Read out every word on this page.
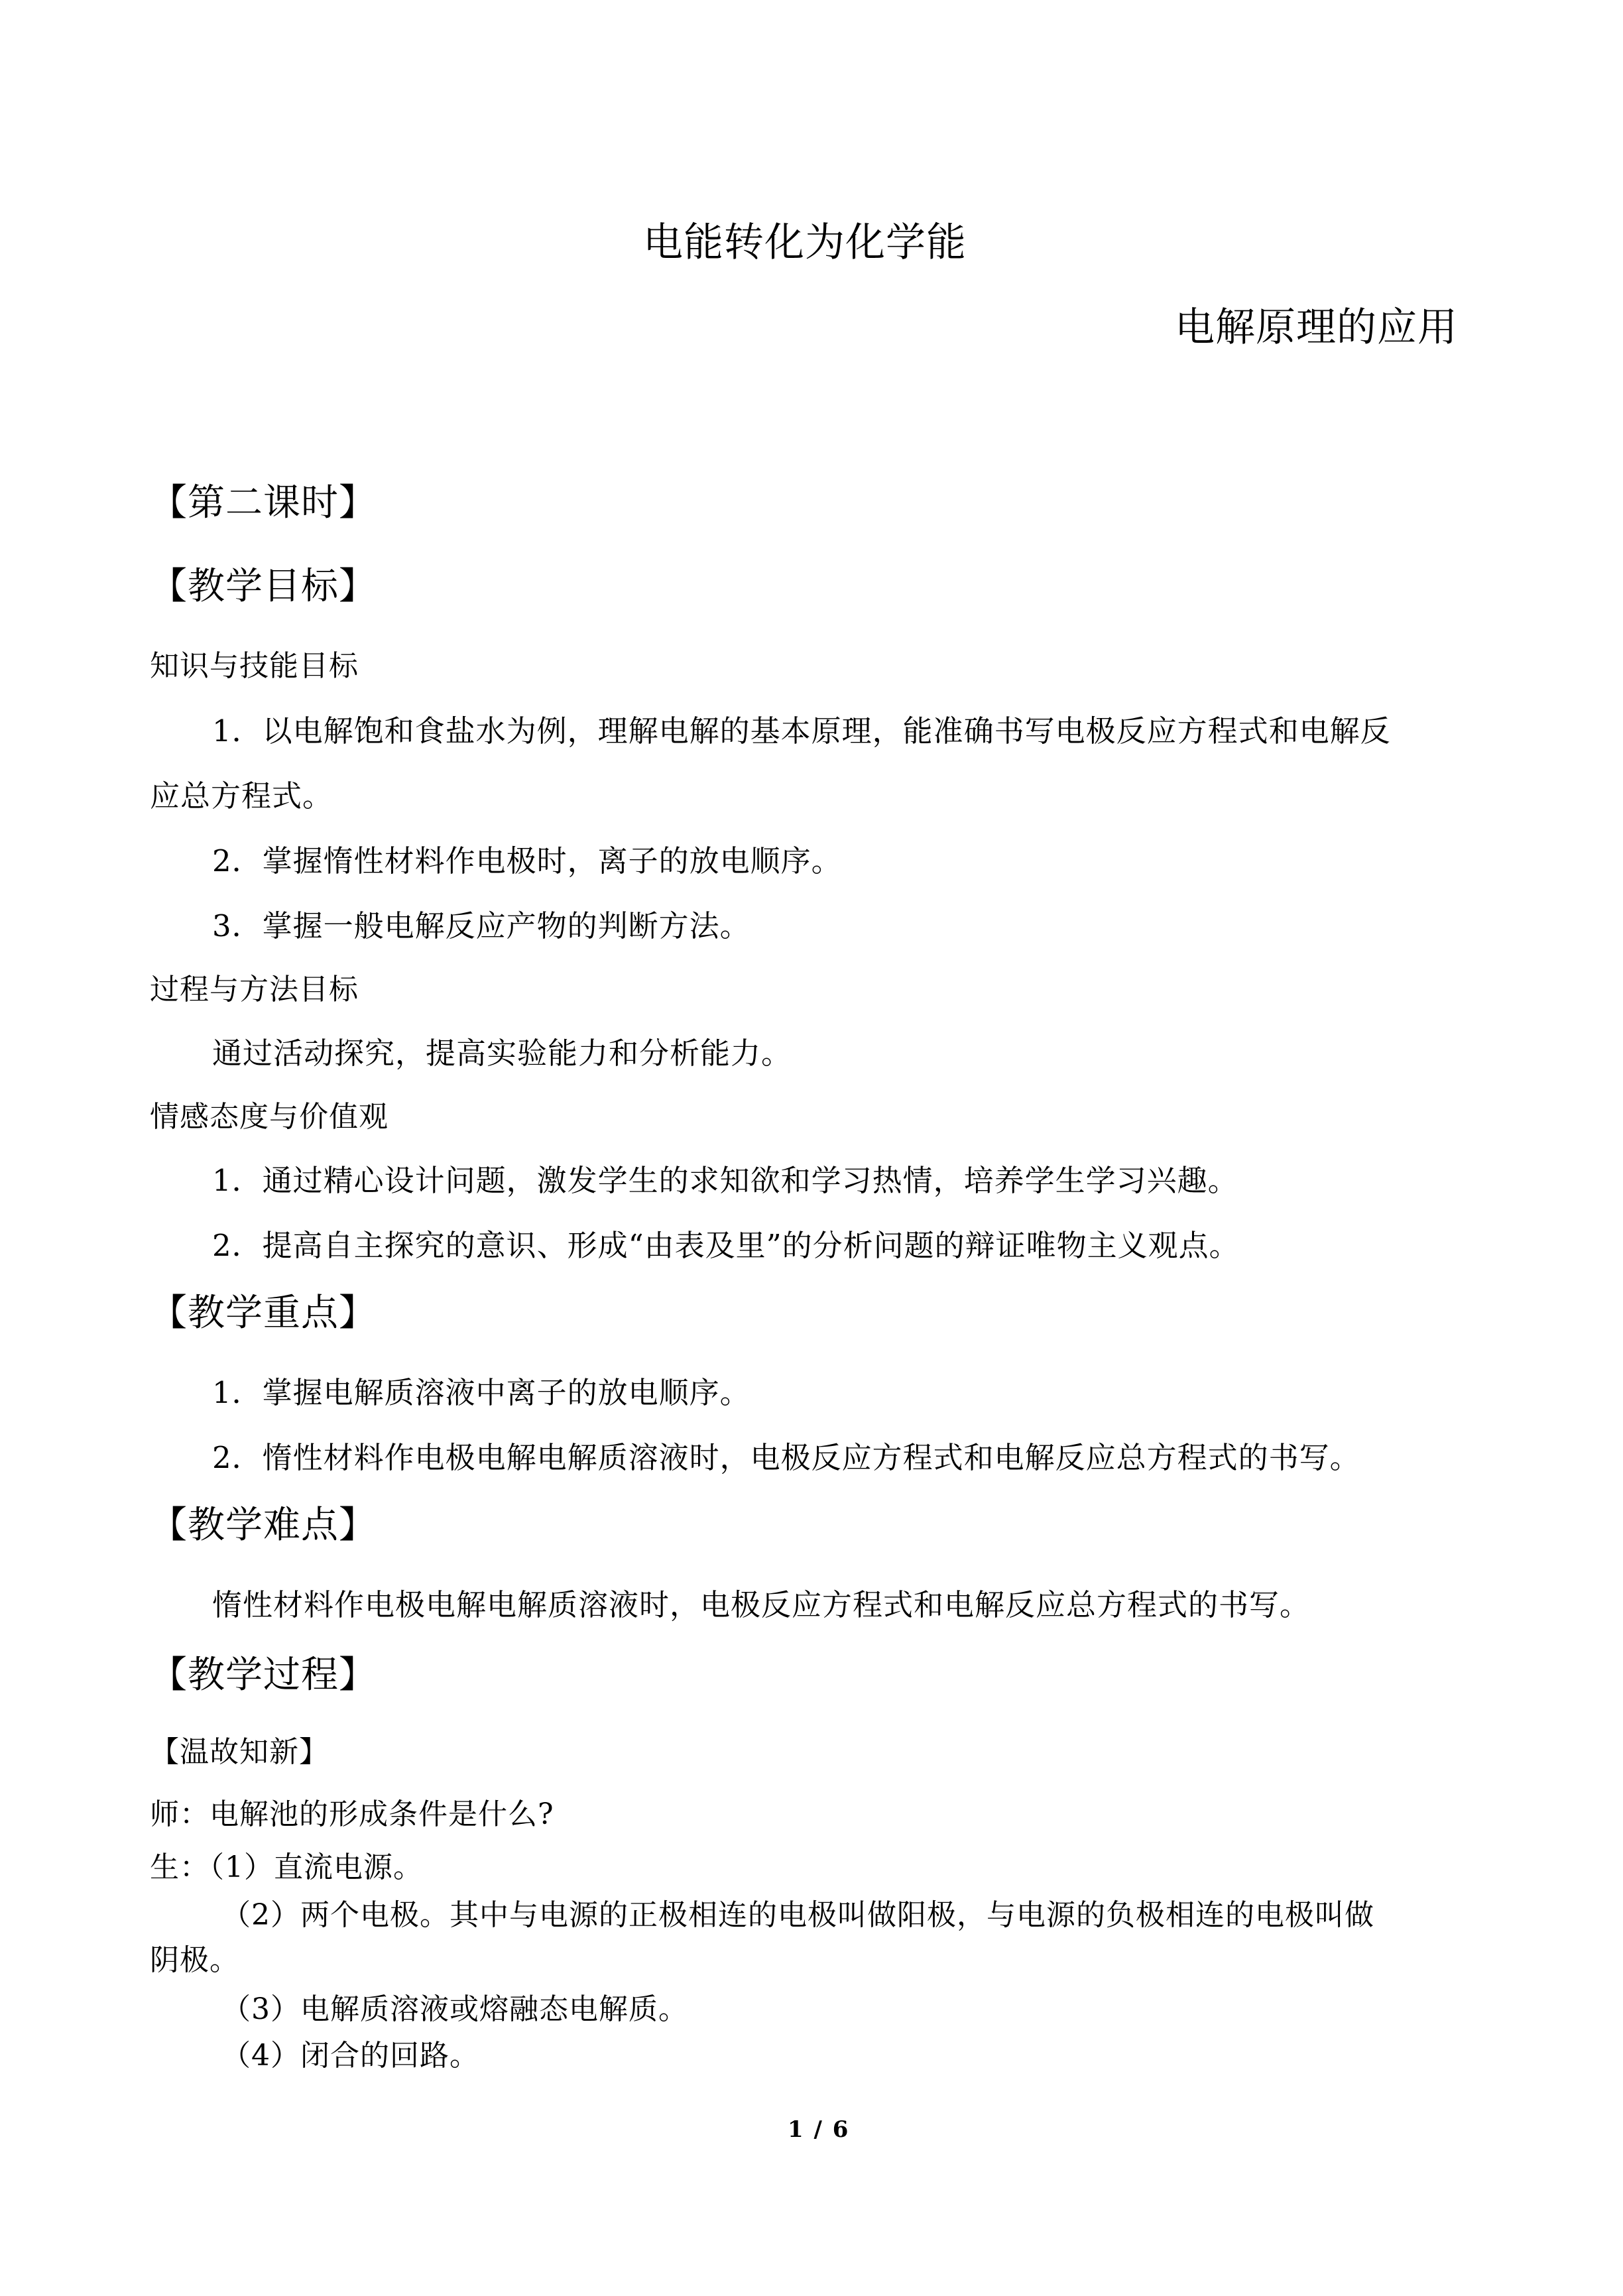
电能转化为化学能
电解原理的应用
【第二课时】
【教学目标】
知识与技能目标
1．以电解饱和食盐水为例，理解电解的基本原理，能准确书写电极反应方程式和电解反
应总方程式。
2．掌握惰性材料作电极时，离子的放电顺序。
3．掌握一般电解反应产物的判断方法。
过程与方法目标
通过活动探究，提高实验能力和分析能力。
情感态度与价值观
1．通过精心设计问题，激发学生的求知欲和学习热情，培养学生学习兴趣。
2．提高自主探究的意识、形成“由表及里”的分析问题的辩证唯物主义观点。
【教学重点】
1．掌握电解质溶液中离子的放电顺序。
2．惰性材料作电极电解电解质溶液时，电极反应方程式和电解反应总方程式的书写。
【教学难点】
惰性材料作电极电解电解质溶液时，电极反应方程式和电解反应总方程式的书写。
【教学过程】
【温故知新】
师：电解池的形成条件是什么?
生：（1）直流电源。
（2）两个电极。其中与电源的正极相连的电极叫做阳极，与电源的负极相连的电极叫做
阴极。
（3）电解质溶液或熔融态电解质。
（4）闭合的回路。
1 / 6
